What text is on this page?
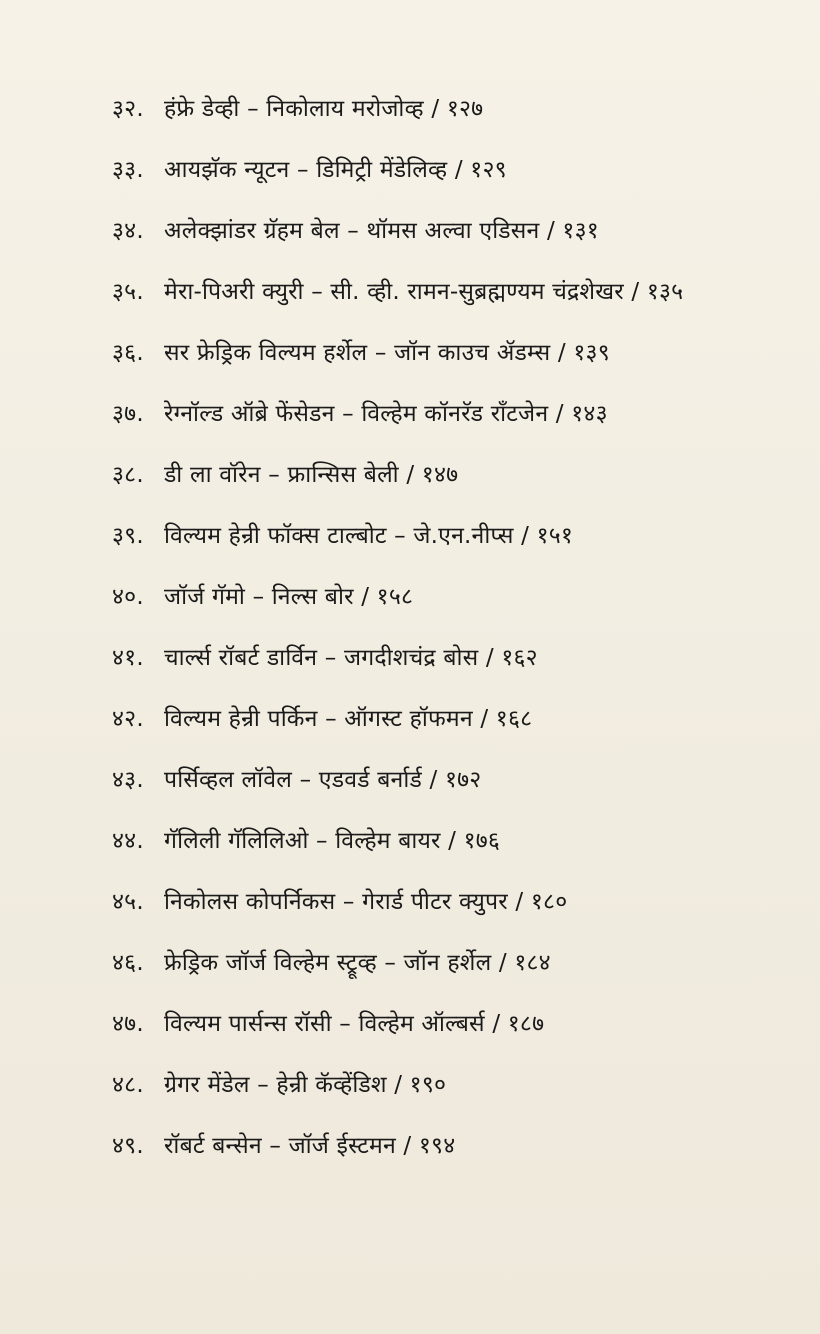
३२. हंफ्रे डेव्ही – निकोलाय मरोजोव्ह / १२७
३३. आयझॅक न्यूटन – डिमिट्री मेंडेलिव्ह / १२९
३४. अलेक्झांडर ग्रॅहम बेल – थॉमस अल्वा एडिसन / १३१
३५. मेरा-पिअरी क्युरी – सी. व्ही. रामन-सुब्रह्मण्यम चंद्रशेखर / १३५
३६. सर फ्रेड्रिक विल्यम हर्शेल – जॉन काउच ॲडम्स / १३९
३७. रेग्नॉल्ड ऑब्रे फेंसेडन – विल्हेम कॉनरॅड रॉंटजेन / १४३
३८. डी ला वॉरेन – फ्रान्सिस बेली / १४७
३९. विल्यम हेन्री फॉक्स टाल्बोट – जे.एन.नीप्स / १५१
४०. जॉर्ज गॅमो – निल्स बोर / १५८
४१. चार्ल्स रॉबर्ट डार्विन – जगदीशचंद्र बोस / १६२
४२. विल्यम हेन्री पर्किन – ऑगस्ट हॉफमन / १६८
४३. पर्सिव्हल लॉवेल – एडवर्ड बर्नार्ड / १७२
४४. गॅलिली गॅलिलिओ – विल्हेम बायर / १७६
४५. निकोलस कोपर्निकस – गेरार्ड पीटर क्युपर / १८०
४६. फ्रेड्रिक जॉर्ज विल्हेम स्ट्रूव्ह – जॉन हर्शेल / १८४
४७. विल्यम पार्सन्स रॉसी – विल्हेम ऑल्बर्स / १८७
४८. ग्रेगर मेंडेल – हेन्री कॅव्हेंडिश / १९०
४९. रॉबर्ट बन्सेन – जॉर्ज ईस्टमन / १९४
